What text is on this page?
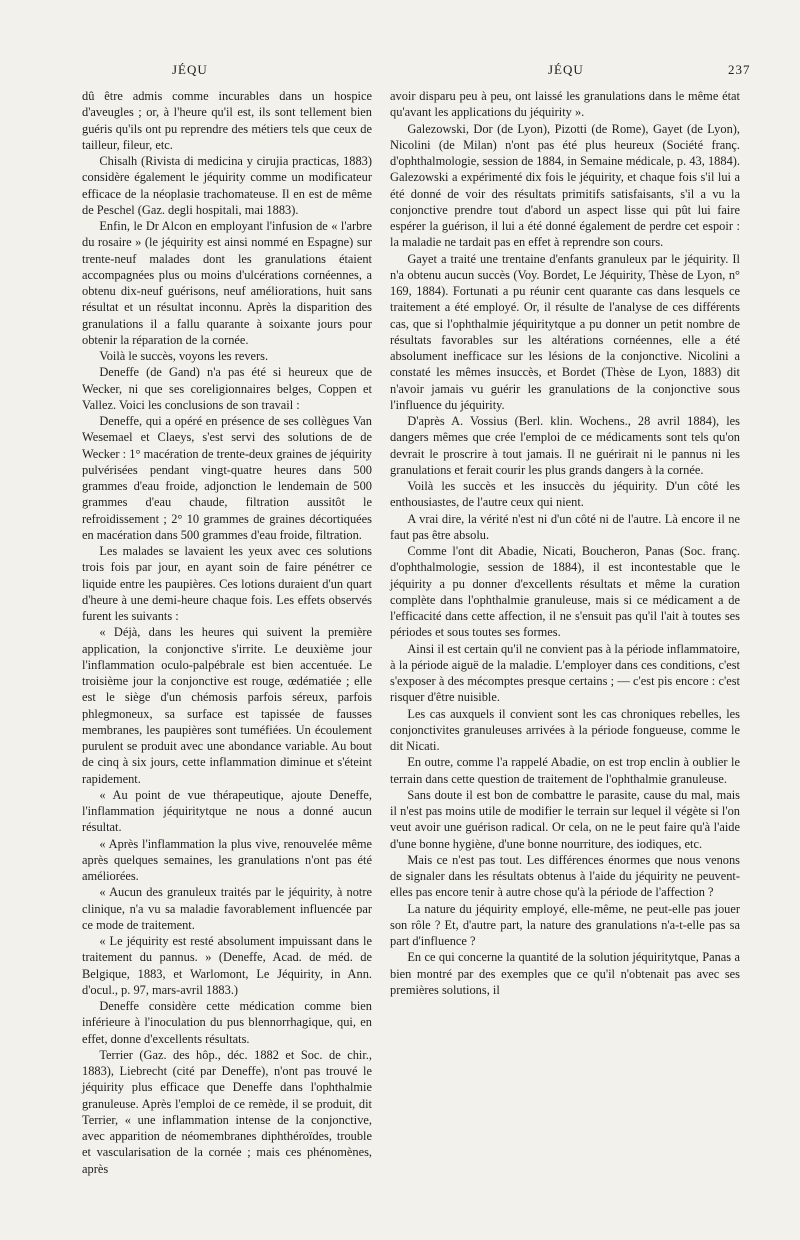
JÉQU	JÉQU	237

dû être admis comme incurables dans un hospice d'aveugles ; or, à l'heure qu'il est, ils sont tellement bien guéris qu'ils ont pu reprendre des métiers tels que ceux de tailleur, fileur, etc.

Chisalh (Rivista di medicina y cirujia practicas, 1883) considère également le jéquirity comme un modificateur efficace de la néoplasie trachomateuse. Il en est de même de Peschel (Gaz. degli hospitali, mai 1883).

Enfin, le Dr Alcon en employant l'infusion de « l'arbre du rosaire » (le jéquirity est ainsi nommé en Espagne) sur trente-neuf malades dont les granulations étaient accompagnées plus ou moins d'ulcérations cornéennes, a obtenu dix-neuf guérisons, neuf améliorations, huit sans résultat et un résultat inconnu. Après la disparition des granulations il a fallu quarante à soixante jours pour obtenir la réparation de la cornée.

Voilà le succès, voyons les revers.

Deneffe (de Gand) n'a pas été si heureux que de Wecker, ni que ses coreligionnaires belges, Coppen et Vallez. Voici les conclusions de son travail :

Deneffe, qui a opéré en présence de ses collègues Van Wesemael et Claeys, s'est servi des solutions de de Wecker : 1° macération de trente-deux graines de jéquirity pulvérisées pendant vingt-quatre heures dans 500 grammes d'eau froide, adjonction le lendemain de 500 grammes d'eau chaude, filtration aussitôt le refroidissement ; 2° 10 grammes de graines décortiquées en macération dans 500 grammes d'eau froide, filtration.

Les malades se lavaient les yeux avec ces solutions trois fois par jour, en ayant soin de faire pénétrer ce liquide entre les paupières. Ces lotions duraient d'un quart d'heure à une demi-heure chaque fois. Les effets observés furent les suivants :

« Déjà, dans les heures qui suivent la première application, la conjonctive s'irrite. Le deuxième jour l'inflammation oculo-palpébrale est bien accentuée. Le troisième jour la conjonctive est rouge, œdématiée ; elle est le siège d'un chémosis parfois séreux, parfois phlegmoneux, sa surface est tapissée de fausses membranes, les paupières sont tuméfiées. Un écoulement purulent se produit avec une abondance variable. Au bout de cinq à six jours, cette inflammation diminue et s'éteint rapidement.

« Au point de vue thérapeutique, ajoute Deneffe, l'inflammation jéquiritytque ne nous a donné aucun résultat.

« Après l'inflammation la plus vive, renouvelée même après quelques semaines, les granulations n'ont pas été améliorées.

« Aucun des granuleux traités par le jéquirity, à notre clinique, n'a vu sa maladie favorablement influencée par ce mode de traitement.

« Le jéquirity est resté absolument impuissant dans le traitement du pannus. » (Deneffe, Acad. de méd. de Belgique, 1883, et Warlomont, Le Jéquirity, in Ann. d'ocul., p. 97, mars-avril 1883.)

Deneffe considère cette médication comme bien inférieure à l'inoculation du pus blennorrhagique, qui, en effet, donne d'excellents résultats.

Terrier (Gaz. des hôp., déc. 1882 et Soc. de chir., 1883), Liebrecht (cité par Deneffe), n'ont pas trouvé le jéquirity plus efficace que Deneffe dans l'ophthalmie granuleuse. Après l'emploi de ce remède, il se produit, dit Terrier, « une inflammation intense de la conjonctive, avec apparition de néomembranes diphthéroïdes, trouble et vascularisation de la cornée ; mais ces phénomènes, après

avoir disparu peu à peu, ont laissé les granulations dans le même état qu'avant les applications du jéquirity ».

Galezowski, Dor (de Lyon), Pizotti (de Rome), Gayet (de Lyon), Nicolini (de Milan) n'ont pas été plus heureux (Société franç. d'ophthalmologie, session de 1884, in Semaine médicale, p. 43, 1884). Galezowski a expérimenté dix fois le jéquirity, et chaque fois s'il lui a été donné de voir des résultats primitifs satisfaisants, s'il a vu la conjonctive prendre tout d'abord un aspect lisse qui pût lui faire espérer la guérison, il lui a été donné également de perdre cet espoir : la maladie ne tardait pas en effet à reprendre son cours.

Gayet a traité une trentaine d'enfants granuleux par le jéquirity. Il n'a obtenu aucun succès (Voy. Bordet, Le Jéquirity, Thèse de Lyon, n° 169, 1884). Fortunati a pu réunir cent quarante cas dans lesquels ce traitement a été employé. Or, il résulte de l'analyse de ces différents cas, que si l'ophthalmie jéquiritytque a pu donner un petit nombre de résultats favorables sur les altérations cornéennes, elle a été absolument inefficace sur les lésions de la conjonctive. Nicolini a constaté les mêmes insuccès, et Bordet (Thèse de Lyon, 1883) dit n'avoir jamais vu guérir les granulations de la conjonctive sous l'influence du jéquirity.

D'après A. Vossius (Berl. klin. Wochens., 28 avril 1884), les dangers mêmes que crée l'emploi de ce médicaments sont tels qu'on devrait le proscrire à tout jamais. Il ne guérirait ni le pannus ni les granulations et ferait courir les plus grands dangers à la cornée.

Voilà les succès et les insuccès du jéquirity. D'un côté les enthousiastes, de l'autre ceux qui nient.

A vrai dire, la vérité n'est ni d'un côté ni de l'autre. Là encore il ne faut pas être absolu.

Comme l'ont dit Abadie, Nicati, Boucheron, Panas (Soc. franç. d'ophthalmologie, session de 1884), il est incontestable que le jéquirity a pu donner d'excellents résultats et même la curation complète dans l'ophthalmie granuleuse, mais si ce médicament a de l'efficacité dans cette affection, il ne s'ensuit pas qu'il l'ait à toutes ses périodes et sous toutes ses formes.

Ainsi il est certain qu'il ne convient pas à la période inflammatoire, à la période aiguë de la maladie. L'employer dans ces conditions, c'est s'exposer à des mécomptes presque certains ; — c'est pis encore : c'est risquer d'être nuisible.

Les cas auxquels il convient sont les cas chroniques rebelles, les conjonctivites granuleuses arrivées à la période fongueuse, comme le dit Nicati.

En outre, comme l'a rappelé Abadie, on est trop enclin à oublier le terrain dans cette question de traitement de l'ophthalmie granuleuse.

Sans doute il est bon de combattre le parasite, cause du mal, mais il n'est pas moins utile de modifier le terrain sur lequel il végète si l'on veut avoir une guérison radical. Or cela, on ne le peut faire qu'à l'aide d'une bonne hygiène, d'une bonne nourriture, des iodiques, etc.

Mais ce n'est pas tout. Les différences énormes que nous venons de signaler dans les résultats obtenus à l'aide du jéquirity ne peuvent-elles pas encore tenir à autre chose qu'à la période de l'affection ?

La nature du jéquirity employé, elle-même, ne peut-elle pas jouer son rôle ? Et, d'autre part, la nature des granulations n'a-t-elle pas sa part d'influence ?

En ce qui concerne la quantité de la solution jéquiritytque, Panas a bien montré par des exemples que ce qu'il n'obtenait pas avec ses premières solutions, il
